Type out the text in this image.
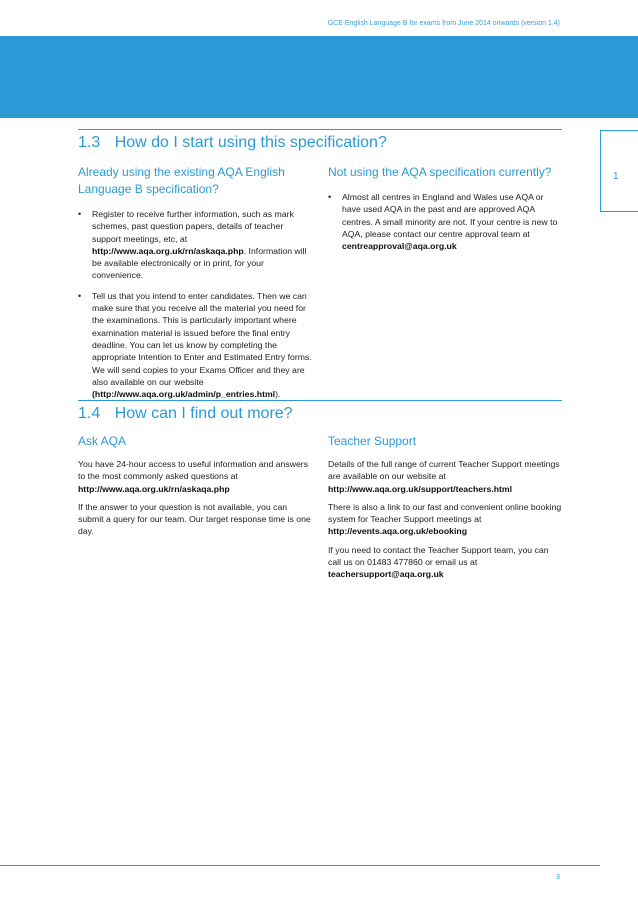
GCE English Language B for exams from June 2014 onwards (version 1.4)
1
1.3 How do I start using this specification?
Already using the existing AQA English Language B specification?
• Register to receive further information, such as mark schemes, past question papers, details of teacher support meetings, etc, at http://www.aqa.org.uk/rn/askaqa.php. Information will be available electronically or in print, for your convenience.
• Tell us that you intend to enter candidates. Then we can make sure that you receive all the material you need for the examinations. This is particularly important where examination material is issued before the final entry deadline. You can let us know by completing the appropriate Intention to Enter and Estimated Entry forms. We will send copies to your Exams Officer and they are also available on our website (http://www.aqa.org.uk/admin/p_entries.html).
Not using the AQA specification currently?
• Almost all centres in England and Wales use AQA or have used AQA in the past and are approved AQA centres. A small minority are not. If your centre is new to AQA, please contact our centre approval team at centreapproval@aqa.org.uk
1.4 How can I find out more?
Ask AQA

You have 24-hour access to useful information and answers to the most commonly asked questions at http://www.aqa.org.uk/rn/askaqa.php

If the answer to your question is not available, you can submit a query for our team. Our target response time is one day.

Teacher Support

Details of the full range of current Teacher Support meetings are available on our website at http://www.aqa.org.uk/support/teachers.html

There is also a link to our fast and convenient online booking system for Teacher Support meetings at http://events.aqa.org.uk/ebooking

If you need to contact the Teacher Support team, you can call us on 01483 477860 or email us at teachersupport@aqa.org.uk

3
